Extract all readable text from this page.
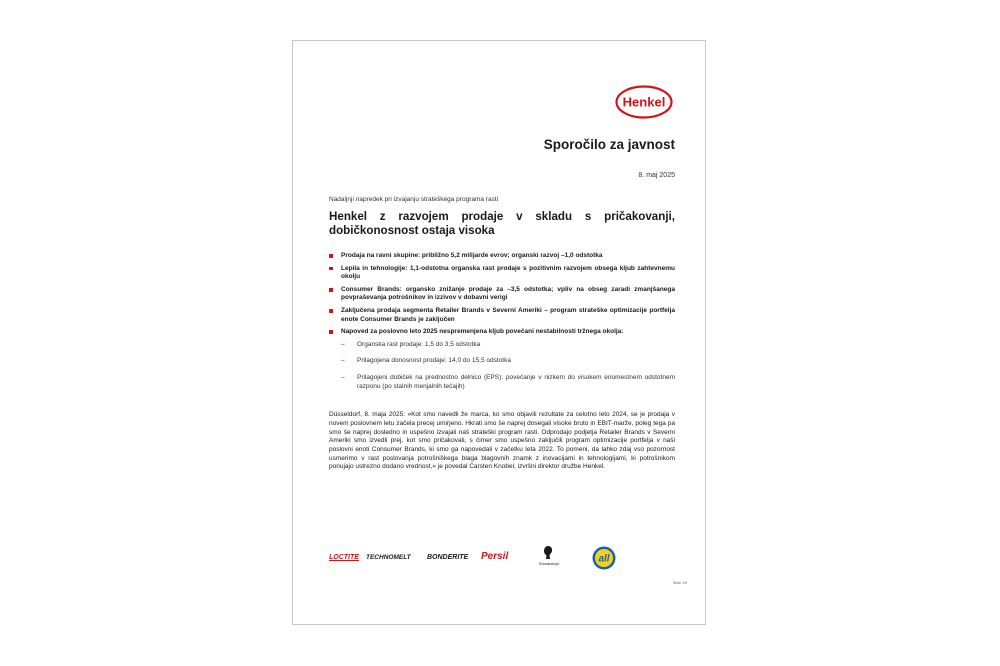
Henkel
Sporočilo za javnost
8. maj 2025

Nadaljnji napredek pri izvajanju strateškega programa rasti

Henkel z razvojem prodaje v skladu s pričakovanji, dobičkonosnost ostaja visoka
Prodaja na ravni skupine: približno 5,2 milijarde evrov; organski razvoj –1,0 odstotka
Lepila in tehnologije: 1,1-odstotna organska rast prodaje s pozitivnim razvojem obsega kljub zahtevnemu okolju
Consumer Brands: organsko znižanje prodaje za –3,5 odstotka; vpliv na obseg zaradi zmanjšanega povpraševanja potrošnikov in izzivov v dobavni verigi
Zaključena prodaja segmenta Retailer Brands v Severni Ameriki – program strateške optimizacije portfelja enote Consumer Brands je zaključen
Napoved za poslovno leto 2025 nespremenjena kljub povečani nestabilnosti tržnega okolja:
– Organska rast prodaje: 1,5 do 3,5 odstotka
– Prilagojena donosnost prodaje: 14,0 do 15,5 odstotka
– Prilagojeni dobiček na prednostno delnico (EPS): povečanje v nizkem do visokem enomestnem odstotnem razponu (po stalnih menjalnih tečajih)

Düsseldorf, 8. maja 2025: »Kot smo navedli že marca, ko smo objavili rezultate za celotno leto 2024, se je prodaja v novem poslovnem letu začela precej umirjeno. Hkrati smo še naprej dosegali visoke bruto in EBIT-marže, poleg tega pa smo še naprej dosledno in uspešno izvajali naš strateški program rasti. Odprodajo podjetja Retailer Brands v Severni Ameriki smo izvedli prej, kot smo pričakovali, s čimer smo uspešno zaključili program optimizacije portfelja v naši poslovni enoti Consumer Brands, ki smo ga napovedali v začetku leta 2022. To pomeni, da lahko zdaj vso pozornost usmerimo v rast poslovanja potrošniškega blaga blagovnih znamk z inovacijami in tehnologijami, ki potrošnikom ponujajo ustrezno dodano vrednost,« je povedal Carsten Knobel, izvršni direktor družbe Henkel.

LOCTITE TECHNOMELT BONDERITE Persil
Schwarzkopf	all
Stran 1/9
